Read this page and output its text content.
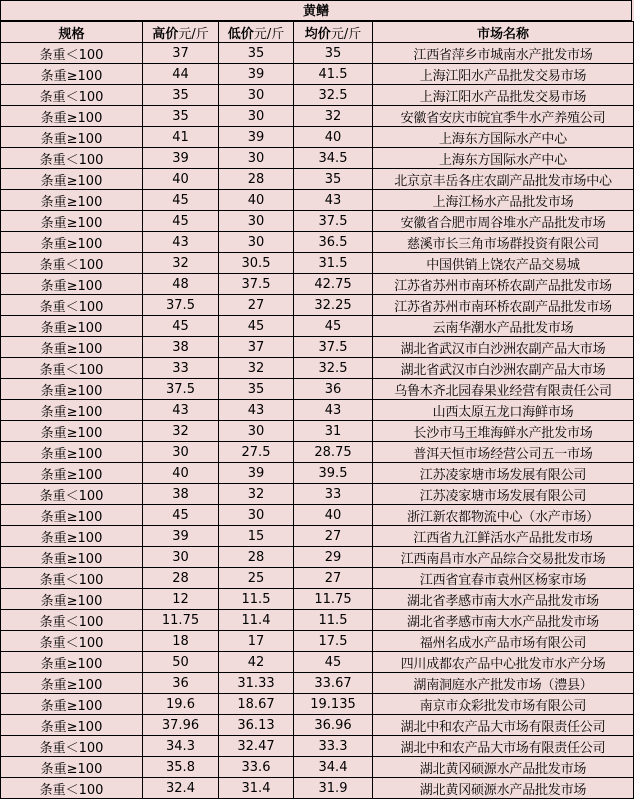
黄鳝
规格	高价元/斤	低价元/斤	均价元/斤	市场名称
条重＜100	37	35	35	江西省萍乡市城南水产批发市场
条重≥100	44	39	41.5	上海江阳水产品批发交易市场
条重＜100	35	30	32.5	上海江阳水产品批发交易市场
条重≥100	35	30	32	安徽省安庆市皖宜季牛水产养殖公司
条重≥100	41	39	40	上海东方国际水产中心
条重＜100	39	30	34.5	上海东方国际水产中心
条重≥100	40	28	35	北京京丰岳各庄农副产品批发市场中心
条重≥100	45	40	43	上海江杨水产品批发市场
条重≥100	45	30	37.5	安徽省合肥市周谷堆水产品批发市场
条重≥100	43	30	36.5	慈溪市长三角市场群投资有限公司
条重＜100	32	30.5	31.5	中国供销上饶农产品交易城
条重≥100	48	37.5	42.75	江苏省苏州市南环桥农副产品批发市场
条重＜100	37.5	27	32.25	江苏省苏州市南环桥农副产品批发市场
条重≥100	45	45	45	云南华潮水产品批发市场
条重≥100	38	37	37.5	湖北省武汉市白沙洲农副产品大市场
条重＜100	33	32	32.5	湖北省武汉市白沙洲农副产品大市场
条重≥100	37.5	35	36	乌鲁木齐北园春果业经营有限责任公司
条重≥100	43	43	43	山西太原五龙口海鲜市场
条重≥100	32	30	31	长沙市马王堆海鲜水产批发市场
条重≥100	30	27.5	28.75	普洱天恒市场经营公司五一市场
条重≥100	40	39	39.5	江苏凌家塘市场发展有限公司
条重＜100	38	32	33	江苏凌家塘市场发展有限公司
条重≥100	45	30	40	浙江新农都物流中心（水产市场）
条重≥100	39	15	27	江西省九江鲜活水产品批发市场
条重≥100	30	28	29	江西南昌市水产品综合交易批发市场
条重＜100	28	25	27	江西省宜春市袁州区杨家市场
条重≥100	12	11.5	11.75	湖北省孝感市南大水产品批发市场
条重＜100	11.75	11.4	11.5	湖北省孝感市南大水产品批发市场
条重＜100	18	17	17.5	福州名成水产品市场有限公司
条重≥100	50	42	45	四川成都农产品中心批发市水产分场
条重≥100	36	31.33	33.67	湖南洞庭水产批发市场（澧县）
条重≥100	19.6	18.67	19.135	南京市众彩批发市场有限公司
条重≥100	37.96	36.13	36.96	湖北中和农产品大市场有限责任公司
条重＜100	34.3	32.47	33.3	湖北中和农产品大市场有限责任公司
条重≥100	35.8	33.6	34.4	湖北黄冈硕源水产品批发市场
条重＜100	32.4	31.4	31.9	湖北黄冈硕源水产品批发市场
